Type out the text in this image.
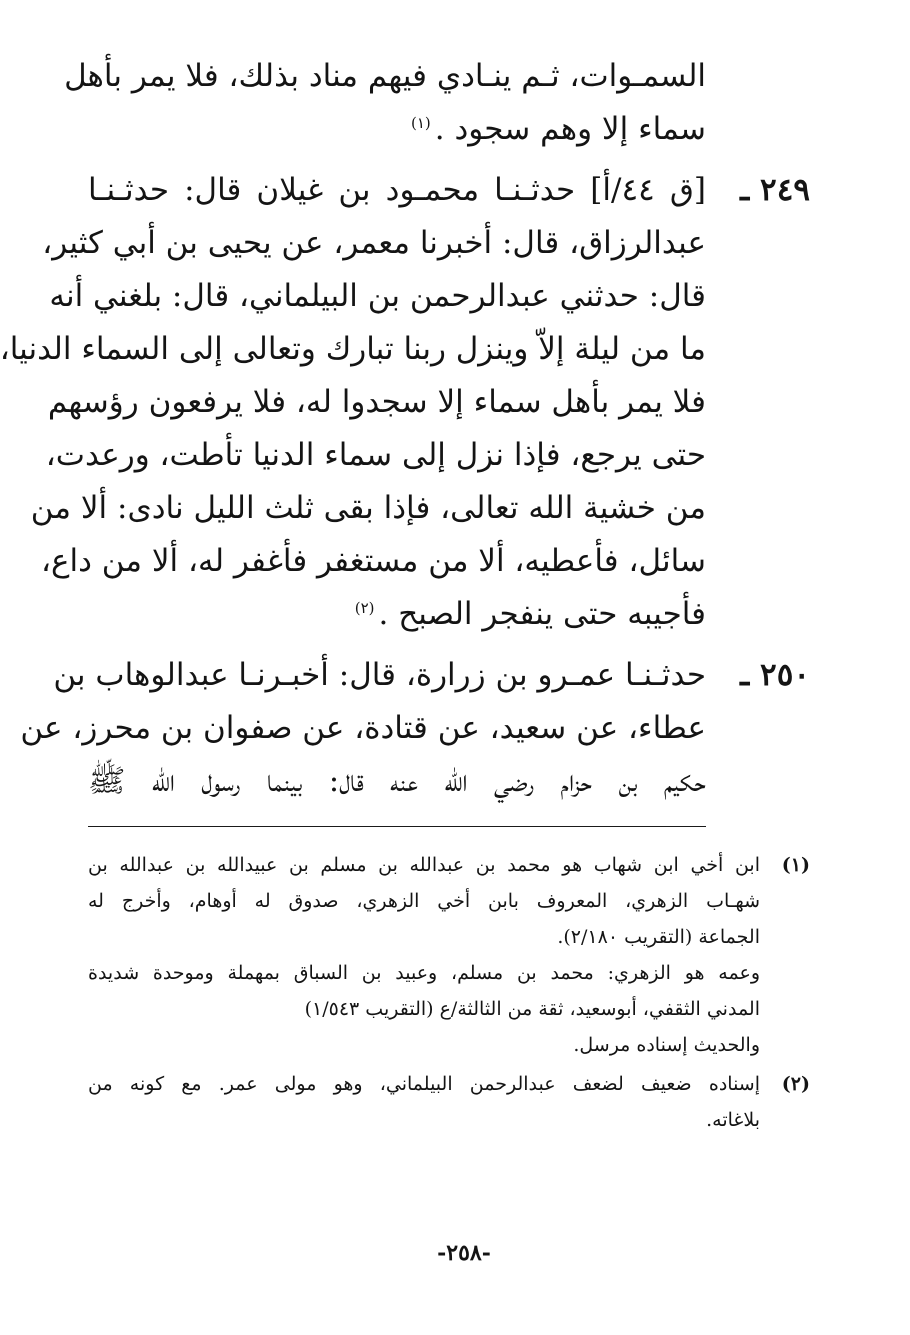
السمـوات، ثـم ينـادي فيهم مناد بذلك، فلا يمر بأهل
سماء إلا وهم سجود .$^{(١)}$
٢٤٩ ـ
[ق ٤٤/أ] حدثـنـا محمـود بن غيلان قال: حدثـنـا
عبدالرزاق، قال: أخبرنا معمر، عن يحيى بن أبي كثير،
قال: حدثني عبدالرحمن بن البيلماني، قال: بلغني أنه
ما من ليلة إلاّ وينزل ربنا تبارك وتعالى إلى السماء الدنيا،
فلا يمر بأهل سماء إلا سجدوا له، فلا يرفعون رؤسهم
حتى يرجع، فإذا نزل إلى سماء الدنيا تأطت، ورعدت،
من خشية الله تعالى، فإذا بقى ثلث الليل نادى: ألا من
سائل، فأعطيه، ألا من مستغفر فأغفر له، ألا من داع،
فأجيبه حتى ينفجر الصبح .$^{(٢)}$
٢٥٠ ـ
حدثـنـا عمـرو بن زرارة، قال: أخبـرنـا عبدالوهاب بن
عطاء، عن سعيد، عن قتادة، عن صفوان بن محرز، عن
حكيم بن حزام رضي الله عنه قال: بينما رسول الله ﷺ
(١)
ابن أخي ابن شهاب هو محمد بن عبدالله بن مسلم بن عبيدالله بن عبدالله بن
شهـاب الزهري، المعروف بابن أخي الزهري، صدوق له أوهام، وأخرج له
الجماعة (التقريب ٢/١٨٠).
وعمه هو الزهري: محمد بن مسلم، وعبيد بن السباق بمهملة وموحدة شديدة
المدني الثقفي، أبوسعيد، ثقة من الثالثة/ع (التقريب ١/٥٤٣)
والحديث إسناده مرسل.
(٢)
إسناده ضعيف لضعف عبدالرحمن البيلماني، وهو مولى عمر. مع كونه من
بلاغاته.
-٢٥٨-
